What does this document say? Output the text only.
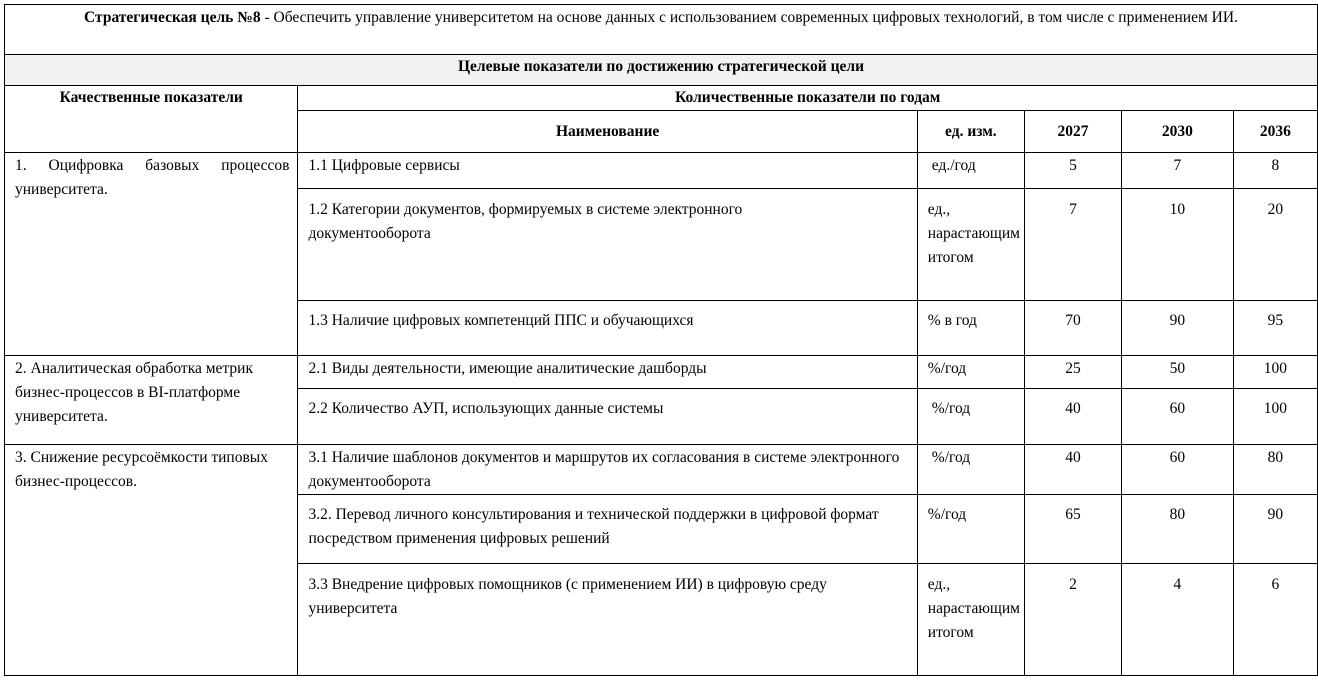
Стратегическая цель №8 - Обеспечить управление университетом на основе данных с использованием современных цифровых технологий, в том числе с применением ИИ.					
Целевые показатели по достижению стратегической цели					
Качественные показатели	Количественные показатели по годам				
	Наименование	ед. изм.	2027	2030	2036

1. Оцифровка базовых процессов
университета.	1.1 Цифровые сервисы	ед./год	5	7	8
	1.2 Категории документов, формируемых в системе электронного документооборота	ед., нарастающим итогом	7	10	20
	1.3 Наличие цифровых компетенций ППС и обучающихся	% в год	70	90	95
2. Аналитическая обработка метрик бизнес-процессов в BI-платформе университета.	2.1 Виды деятельности, имеющие аналитические дашборды	%/год	25	50	100
	2.2 Количество АУП, использующих данные системы	%/год	40	60	100
3. Снижение ресурсоёмкости типовых бизнес-процессов.	3.1 Наличие шаблонов документов и маршрутов их согласования в системе электронного документооборота	%/год	40	60	80
	3.2. Перевод личного консультирования и технической поддержки в цифровой формат посредством применения цифровых решений	%/год	65	80	90
	3.3 Внедрение цифровых помощников (с применением ИИ) в цифровую среду университета	ед., нарастающим итогом	2	4	6
